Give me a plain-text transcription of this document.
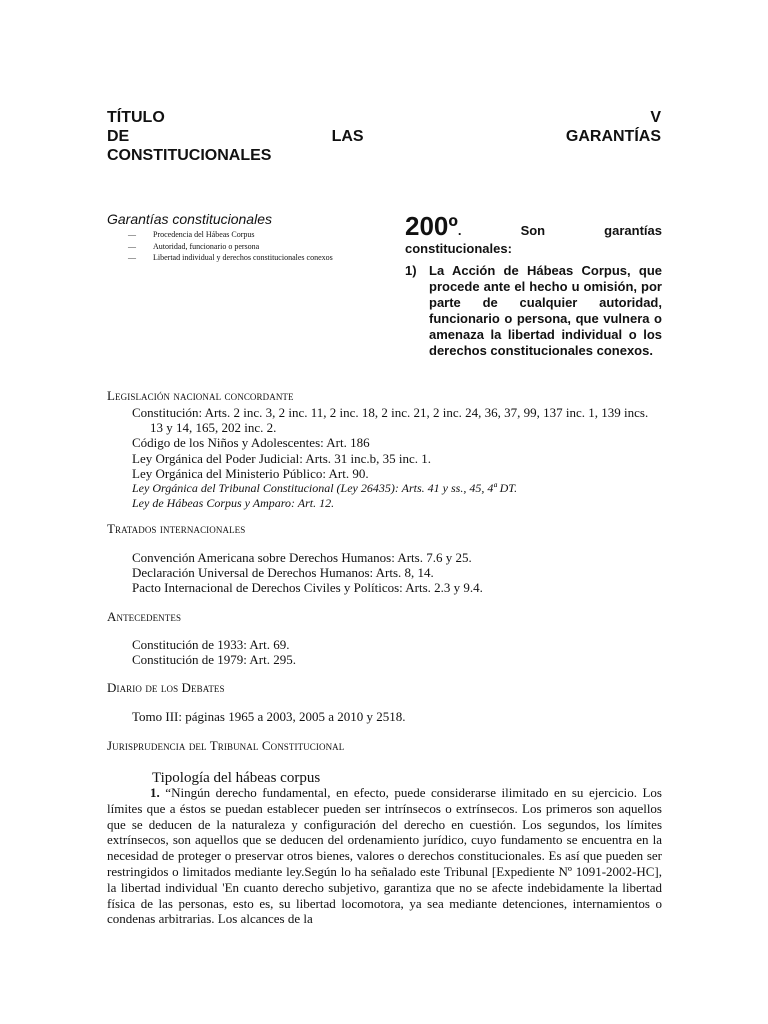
TÍTULO	V
DE	LAS	GARANTÍAS
CONSTITUCIONALES
Garantías constitucionales
—	Procedencia del Hábeas Corpus
—	Autoridad, funcionario o persona
—	Libertad individual y derechos constitucionales conexos
200º.	Son	garantías
constitucionales:
1) La Acción de Hábeas Corpus, que procede ante el hecho u omisión, por parte de cualquier autoridad, funcionario o persona, que vulnera o amenaza la libertad individual o los derechos constitucionales conexos.
Legislación nacional concordante
Constitución: Arts. 2 inc. 3, 2 inc. 11, 2 inc. 18, 2 inc. 21, 2 inc. 24, 36, 37, 99, 137 inc. 1, 139 incs. 13 y 14, 165, 202 inc. 2.
Código de los Niños y Adolescentes: Art. 186
Ley Orgánica del Poder Judicial: Arts. 31 inc.b, 35 inc. 1.
Ley Orgánica del Ministerio Público: Art. 90.
Ley Orgánica del Tribunal Constitucional (Ley 26435): Arts. 41 y ss., 45, 4ª DT.
Ley de Hábeas Corpus y Amparo: Art. 12.
Tratados internacionales
Convención Americana sobre Derechos Humanos: Arts. 7.6 y 25.
Declaración Universal de Derechos Humanos: Arts. 8, 14.
Pacto Internacional de Derechos Civiles y Políticos: Arts. 2.3 y 9.4.
Antecedentes
Constitución de 1933: Art. 69.
Constitución de 1979: Art. 295.
Diario de los Debates
Tomo III: páginas 1965 a 2003, 2005 a 2010 y 2518.
Jurisprudencia del Tribunal Constitucional
Tipología del hábeas corpus
1. “Ningún derecho fundamental, en efecto, puede considerarse ilimitado en su ejercicio. Los límites que a éstos se puedan establecer pueden ser intrínsecos o extrínsecos. Los primeros son aquellos que se deducen de la naturaleza y configuración del derecho en cuestión. Los segundos, los límites extrínsecos, son aquellos que se deducen del ordenamiento jurídico, cuyo fundamento se encuentra en la necesidad de proteger o preservar otros bienes, valores o derechos constitucionales. Es así que pueden ser restringidos o limitados mediante ley.Según lo ha señalado este Tribunal [Expediente Nº 1091-2002-HC], la libertad individual 'En cuanto derecho subjetivo, garantiza que no se afecte indebidamente la libertad física de las personas, esto es, su libertad locomotora, ya sea mediante detenciones, internamientos o condenas arbitrarias. Los alcances de la
